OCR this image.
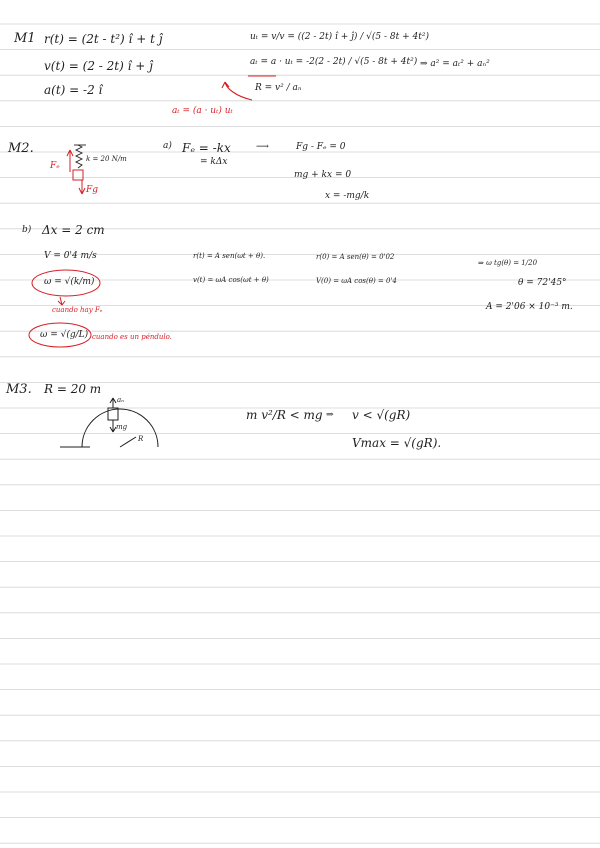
M1 r(t) = (2t - t²) î + t ĵ
v(t) = (2 - 2t) î + ĵ
a(t) = -2 î
uₜ = v/v = ((2 - 2t) î + ĵ) / √(5 - 8t + 4t²)
aₜ = a · uₜ = -2(2 - 2t) / √(5 - 8t + 4t²)
R = v² / aₙ
⇒ a² = aₜ² + aₙ²
aₜ = (a · uₜ) uₜ
M2.	a) Fₑ = -kx
= kΔx
⟶	Fg - Fₑ = 0
mg + kx = 0
x = -mg/k
k = 20 N/m
Fₑ
Fg
b) Δx = 2 cm
V = 0'4 m/s
ω = √(k/m)
cuando hay Fₑ
ω = √(g/L) cuando es un péndulo.
r(t) = A sen(ωt + θ).
v(t) = ωA cos(ωt + θ)
r(0) = A sen(θ) = 0'02
V(0) = ωA cos(θ) = 0'4
⇒ ω tg(θ) = 1/20
θ = 72'45°
A = 2'06 × 10⁻³ m.
M3. R = 20 m
aₙ
mg
R
m v²/R < mg ⇒ v < √(gR)
Vmax = √(gR).
